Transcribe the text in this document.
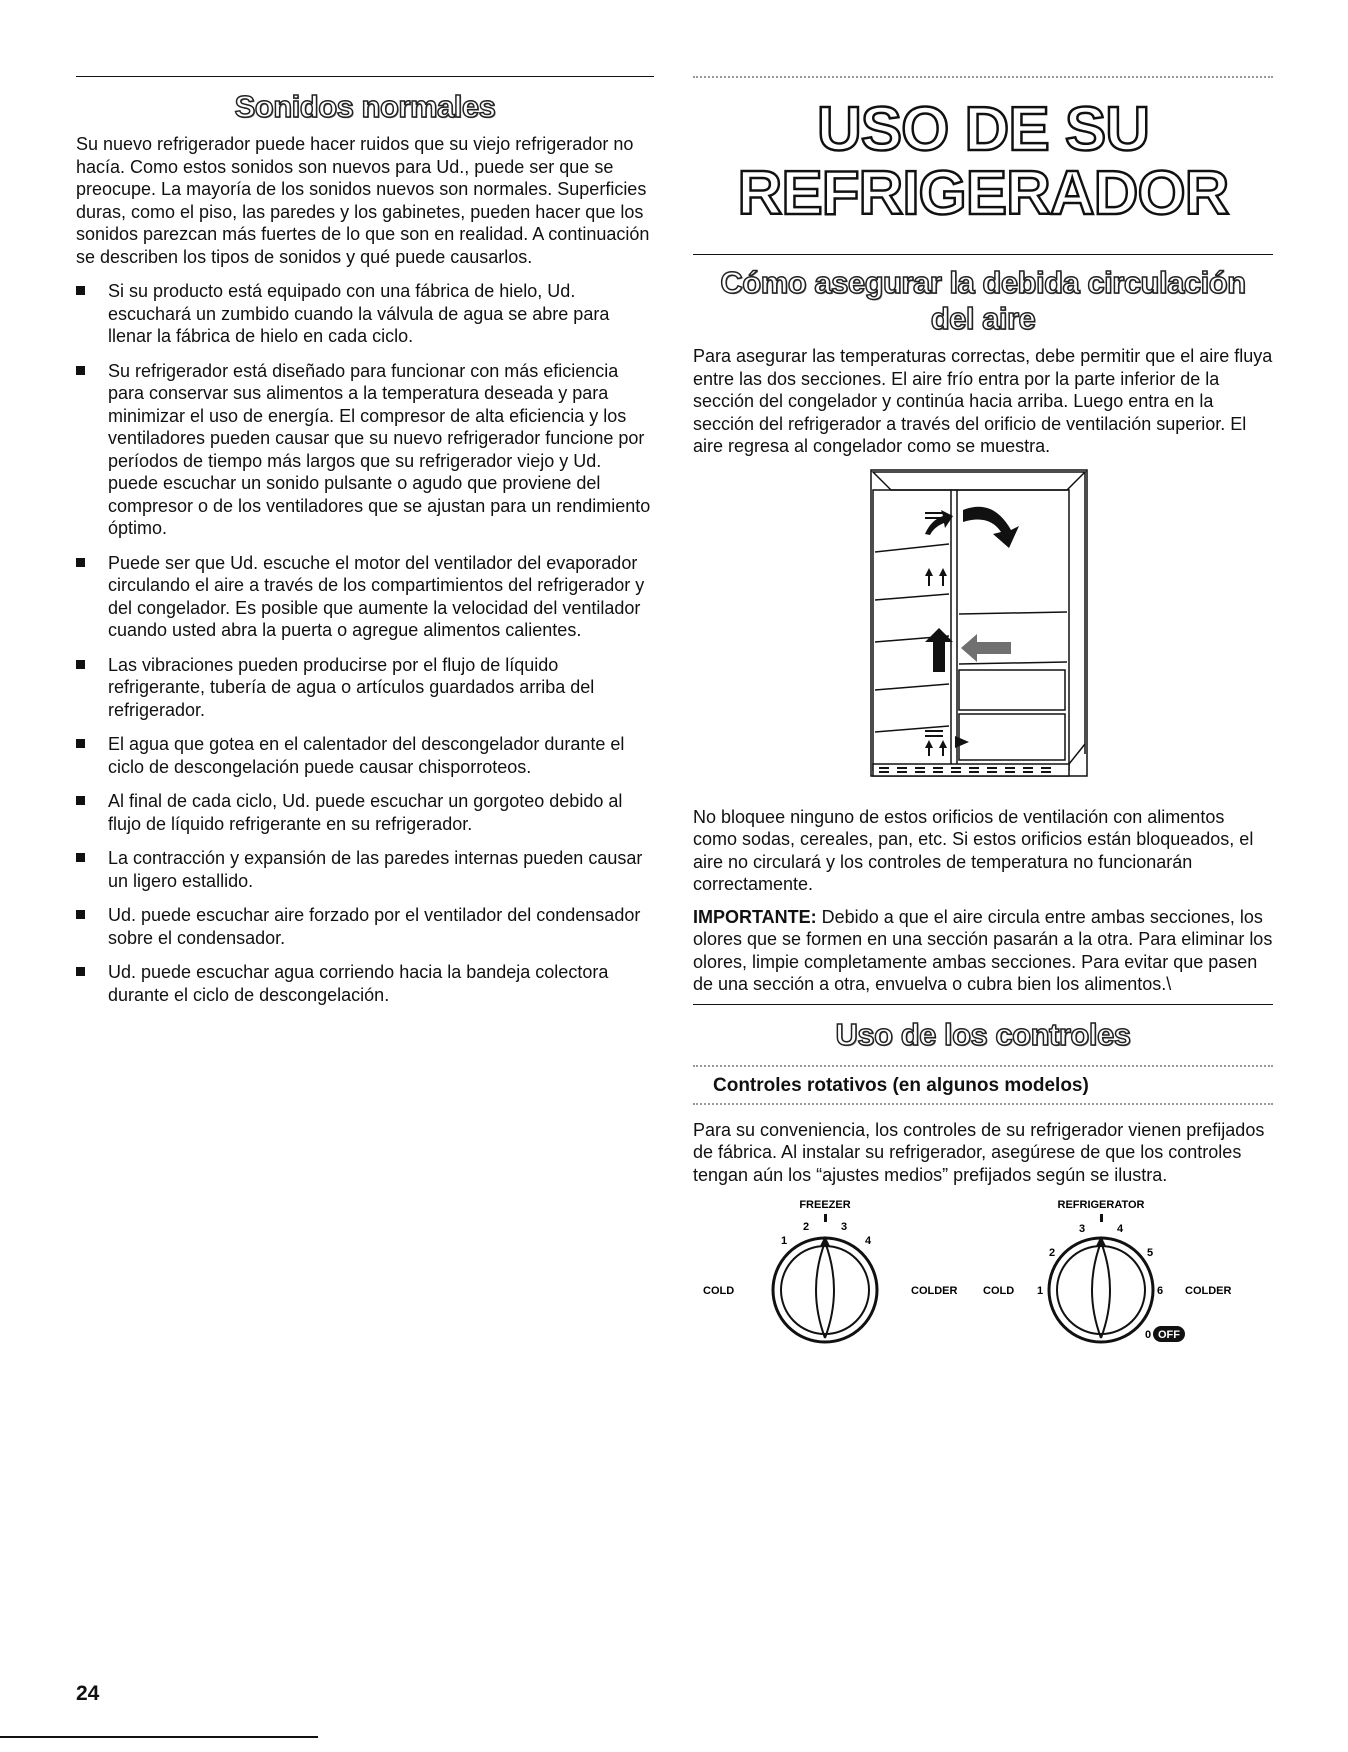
Sonidos normales

Su nuevo refrigerador puede hacer ruidos que su viejo refrigerador no hacía. Como estos sonidos son nuevos para Ud., puede ser que se preocupe. La mayoría de los sonidos nuevos son normales. Superficies duras, como el piso, las paredes y los gabinetes, pueden hacer que los sonidos parezcan más fuertes de lo que son en realidad. A continuación se describen los tipos de sonidos y qué puede causarlos.

Si su producto está equipado con una fábrica de hielo, Ud. escuchará un zumbido cuando la válvula de agua se abre para llenar la fábrica de hielo en cada ciclo.
Su refrigerador está diseñado para funcionar con más eficiencia para conservar sus alimentos a la temperatura deseada y para minimizar el uso de energía. El compresor de alta eficiencia y los ventiladores pueden causar que su nuevo refrigerador funcione por períodos de tiempo más largos que su refrigerador viejo y Ud. puede escuchar un sonido pulsante o agudo que proviene del compresor o de los ventiladores que se ajustan para un rendimiento óptimo.
Puede ser que Ud. escuche el motor del ventilador del evaporador circulando el aire a través de los compartimientos del refrigerador y del congelador. Es posible que aumente la velocidad del ventilador cuando usted abra la puerta o agregue alimentos calientes.
Las vibraciones pueden producirse por el flujo de líquido refrigerante, tubería de agua o artículos guardados arriba del refrigerador.
El agua que gotea en el calentador del descongelador durante el ciclo de descongelación puede causar chisporroteos.
Al final de cada ciclo, Ud. puede escuchar un gorgoteo debido al flujo de líquido refrigerante en su refrigerador.
La contracción y expansión de las paredes internas pueden causar un ligero estallido.
Ud. puede escuchar aire forzado por el ventilador del condensador sobre el condensador.
Ud. puede escuchar agua corriendo hacia la bandeja colectora durante el ciclo de descongelación.
USO DE SU
REFRIGERADOR
Cómo asegurar la debida circulación
del aire

Para asegurar las temperaturas correctas, debe permitir que el aire fluya entre las dos secciones. El aire frío entra por la parte inferior de la sección del congelador y continúa hacia arriba. Luego entra en la sección del refrigerador a través del orificio de ventilación superior. El aire regresa al congelador como se muestra.

No bloquee ninguno de estos orificios de ventilación con alimentos como sodas, cereales, pan, etc. Si estos orificios están bloqueados, el aire no circulará y los controles de temperatura no funcionarán correctamente.

IMPORTANTE: Debido a que el aire circula entre ambas secciones, los olores que se formen en una sección pasarán a la otra. Para eliminar los olores, limpie completamente ambas secciones. Para evitar que pasen de una sección a otra, envuelva o cubra bien los alimentos.\

Uso de los controles
Controles rotativos (en algunos modelos)

Para su conveniencia, los controles de su refrigerador vienen prefijados de fábrica. Al instalar su refrigerador, asegúrese de que los controles tengan aún los “ajustes medios” prefijados según se ilustra.

FREEZER
1
2	3
4
COLD	COLDER
REFRIGERATOR
1
2
3	4
5
6
0 OFF
COLD	COLDER
24
